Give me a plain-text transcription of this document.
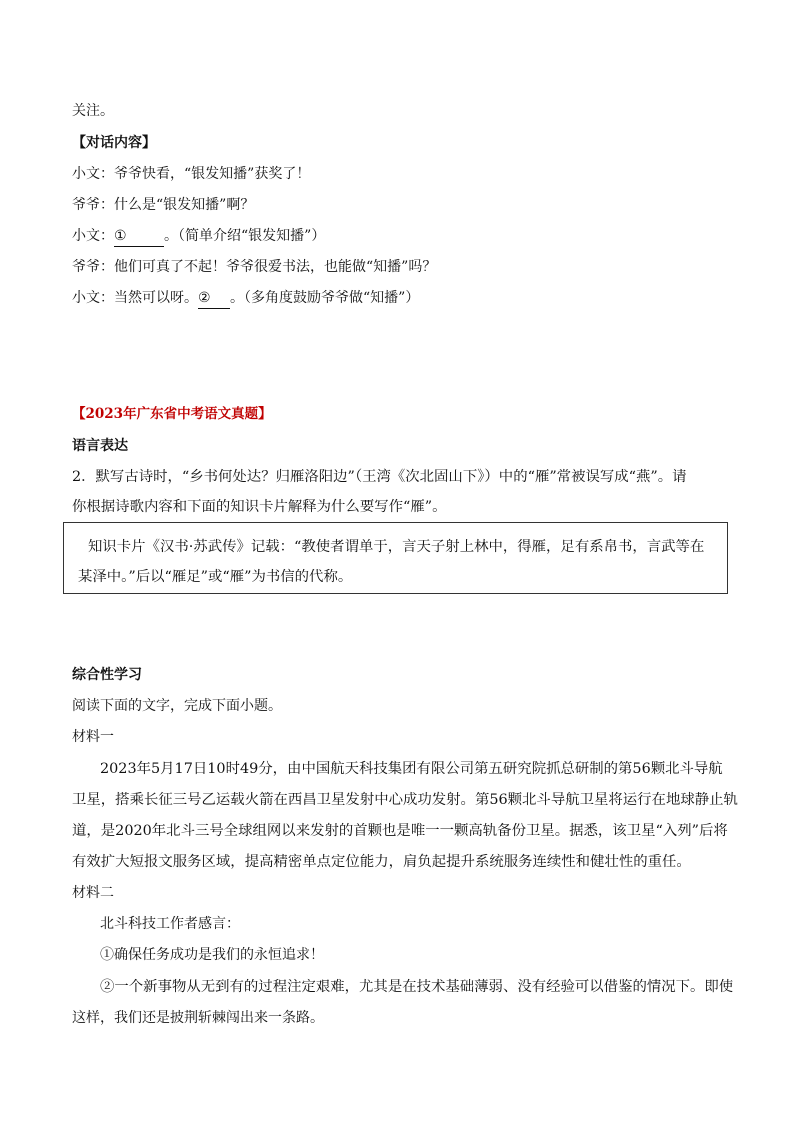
关注。
【对话内容】
小文：爷爷快看，“银发知播”获奖了！
爷爷：什么是“银发知播”啊？
小文：①	。（简单介绍“银发知播”）
爷爷：他们可真了不起！爷爷很爱书法，也能做“知播”吗？
小文：当然可以呀。② 。（多角度鼓励爷爷做“知播”）
【2023年广东省中考语文真题】
语言表达
2．默写古诗时，“乡书何处达？归雁洛阳边”（王湾《次北固山下》）中的“雁”常被误写成“燕”。请
你根据诗歌内容和下面的知识卡片解释为什么要写作“雁”。
知识卡片《汉书·苏武传》记载：“教使者谓单于，言天子射上林中，得雁，足有系帛书，言武等在
某泽中。”后以“雁足”或“雁”为书信的代称。
综合性学习
阅读下面的文字，完成下面小题。
材料一
2023年5月17日10时49分，由中国航天科技集团有限公司第五研究院抓总研制的第56颗北斗导航
卫星，搭乘长征三号乙运载火箭在西昌卫星发射中心成功发射。第56颗北斗导航卫星将运行在地球静止轨
道，是2020年北斗三号全球组网以来发射的首颗也是唯一一颗高轨备份卫星。据悉，该卫星“入列”后将
有效扩大短报文服务区域，提高精密单点定位能力，肩负起提升系统服务连续性和健壮性的重任。
材料二
北斗科技工作者感言：
①确保任务成功是我们的永恒追求！
②一个新事物从无到有的过程注定艰难，尤其是在技术基础薄弱、没有经验可以借鉴的情况下。即使
这样，我们还是披荆斩棘闯出来一条路。
